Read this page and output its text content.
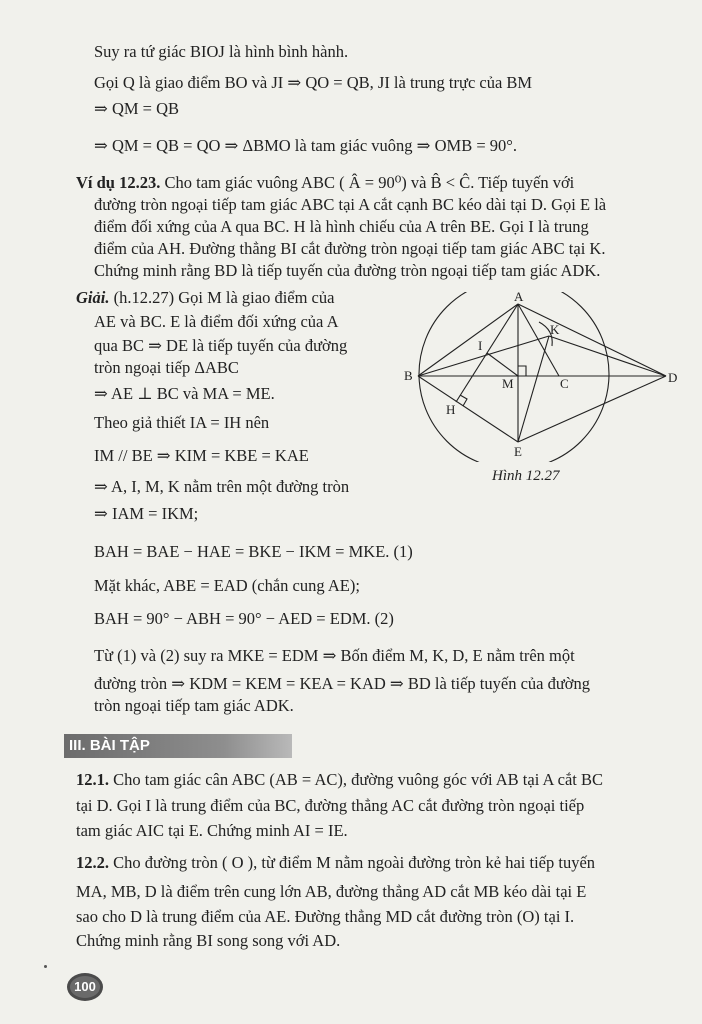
Suy ra tứ giác BIOJ là hình bình hành.
Gọi Q là giao điểm BO và JI ⇒ QO = QB, JI là trung trực của BM
⇒ QM = QB
⇒ QM = QB = QO ⇒ ΔBMO là tam giác vuông ⇒ OMB = 90°.
Ví dụ 12.23. Cho tam giác vuông ABC ( Â = 90⁰) và B̂ < Ĉ. Tiếp tuyến với
đường tròn ngoại tiếp tam giác ABC tại A cắt cạnh BC kéo dài tại D. Gọi E là
điểm đối xứng của A qua BC. H là hình chiếu của A trên BE. Gọi I là trung
điểm của AH. Đường thẳng BI cắt đường tròn ngoại tiếp tam giác ABC tại K.
Chứng minh rằng BD là tiếp tuyến của đường tròn ngoại tiếp tam giác ADK.
Giải. (h.12.27) Gọi M là giao điểm của
AE và BC. E là điểm đối xứng của A
qua BC ⇒ DE là tiếp tuyến của đường
tròn ngoại tiếp ΔABC
⇒ AE ⊥ BC và MA = ME.
Theo giả thiết IA = IH nên
IM // BE ⇒ KIM = KBE = KAE
⇒ A, I, M, K nằm trên một đường tròn
⇒ IAM = IKM;
BAH = BAE − HAE = BKE − IKM = MKE. (1)
Mặt khác, ABE = EAD (chắn cung AE);
BAH = 90° − ABH = 90° − AED = EDM. (2)
Từ (1) và (2) suy ra MKE = EDM ⇒ Bốn điểm M, K, D, E nằm trên một
đường tròn ⇒ KDM = KEM = KEA = KAD ⇒ BD là tiếp tuyến của đường
tròn ngoại tiếp tam giác ADK.
III. BÀI TẬP
12.1. Cho tam giác cân ABC (AB = AC), đường vuông góc với AB tại A cắt BC
tại D. Gọi I là trung điểm của BC, đường thẳng AC cắt đường tròn ngoại tiếp
tam giác AIC tại E. Chứng minh AI = IE.
12.2. Cho đường tròn ( O ), từ điểm M nằm ngoài đường tròn kẻ hai tiếp tuyến
MA, MB, D là điểm trên cung lớn AB, đường thẳng AD cắt MB kéo dài tại E
sao cho D là trung điểm của AE. Đường thẳng MD cắt đường tròn (O) tại I.
Chứng minh rằng BI song song với AD.
A
B
C	D
E
H
I
K
M
Hình 12.27
100
